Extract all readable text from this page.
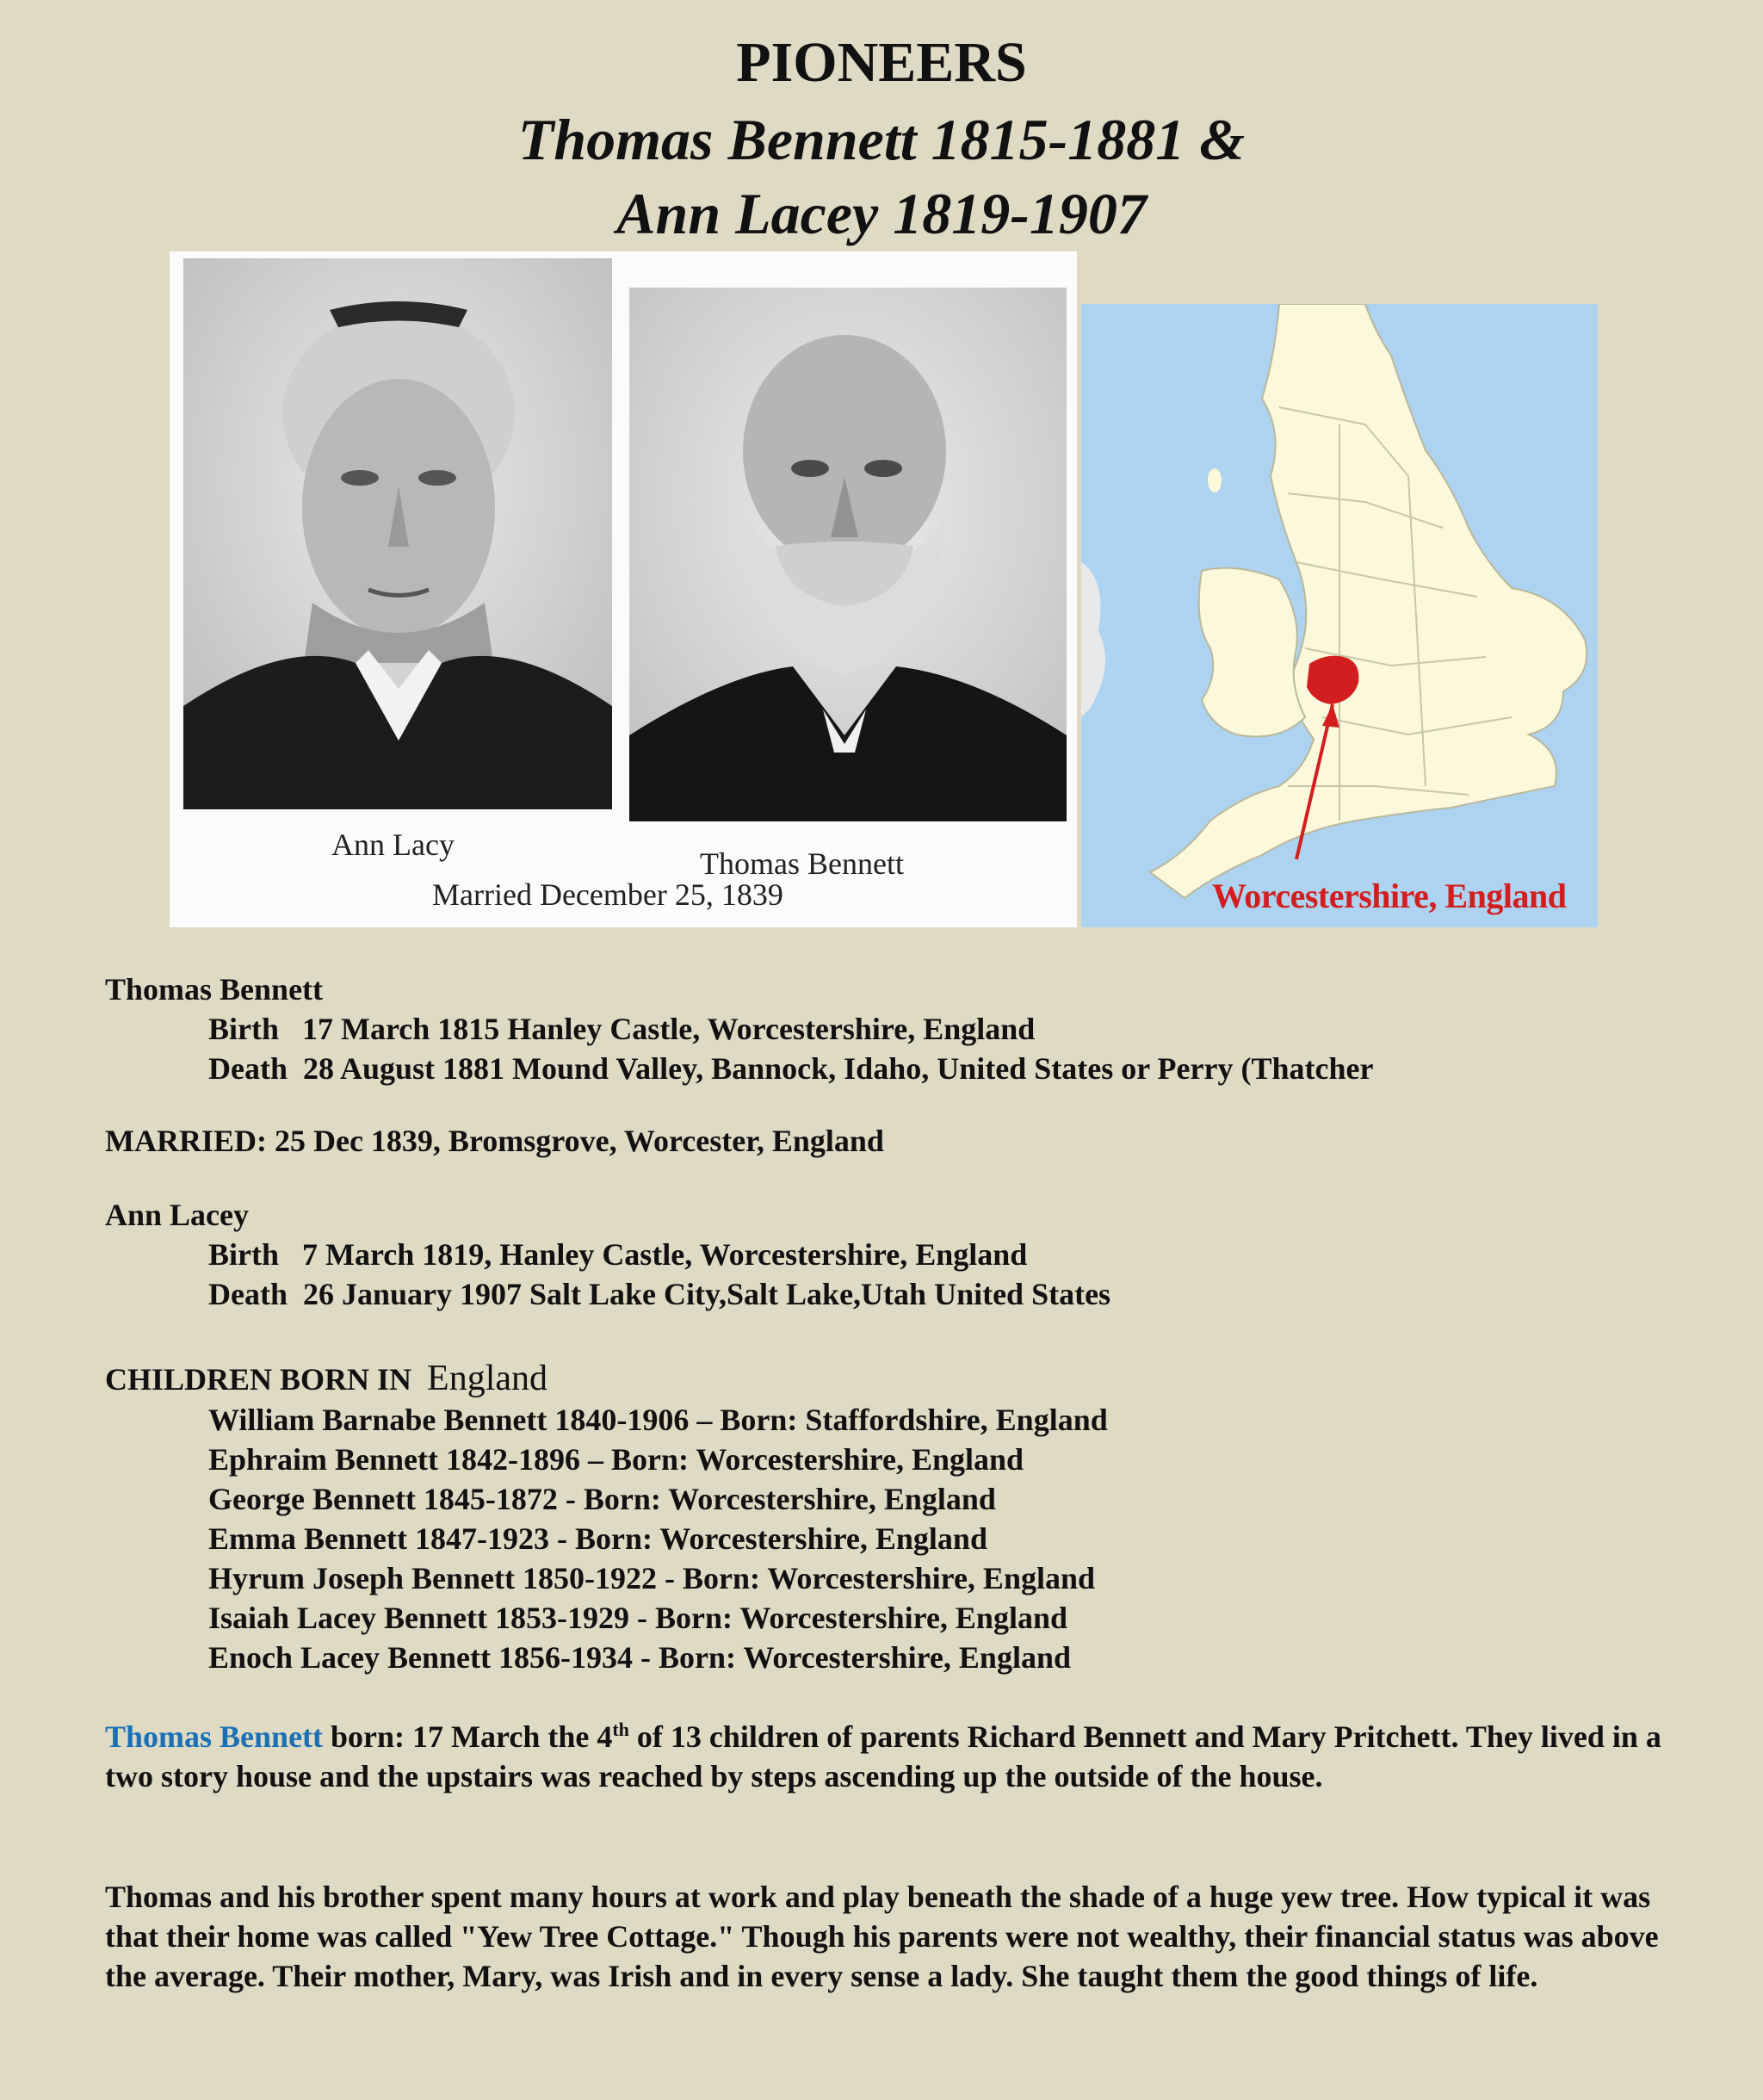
PIONEERS
Thomas Bennett 1815-1881 &
Ann Lacey 1819-1907
Ann Lacy
Thomas Bennett
Married December 25, 1839	Worcestershire, England
Thomas Bennett
Birth   17 March 1815 Hanley Castle, Worcestershire, England
Death  28 August 1881 Mound Valley, Bannock, Idaho, United States or Perry (Thatcher
MARRIED: 25 Dec 1839, Bromsgrove, Worcester, England
Ann Lacey
Birth   7 March 1819, Hanley Castle, Worcestershire, England
Death  26 January 1907 Salt Lake City,Salt Lake,Utah United States
CHILDREN BORN IN England
William Barnabe Bennett 1840-1906 – Born: Staffordshire, England
Ephraim Bennett 1842-1896 – Born: Worcestershire, England
George Bennett 1845-1872 - Born: Worcestershire, England
Emma Bennett 1847-1923 - Born: Worcestershire, England
Hyrum Joseph Bennett 1850-1922 - Born: Worcestershire, England
Isaiah Lacey Bennett 1853-1929 - Born: Worcestershire, England
Enoch Lacey Bennett 1856-1934 - Born: Worcestershire, England
Thomas Bennett born: 17 March the 4th of 13 children of parents Richard Bennett and Mary Pritchett. They lived in a two story house and the upstairs was reached by steps ascending up the outside of the house.
Thomas and his brother spent many hours at work and play beneath the shade of a huge yew tree. How typical it was that their home was called "Yew Tree Cottage." Though his parents were not wealthy, their financial status was above the average. Their mother, Mary, was Irish and in every sense a lady. She taught them the good things of life.
